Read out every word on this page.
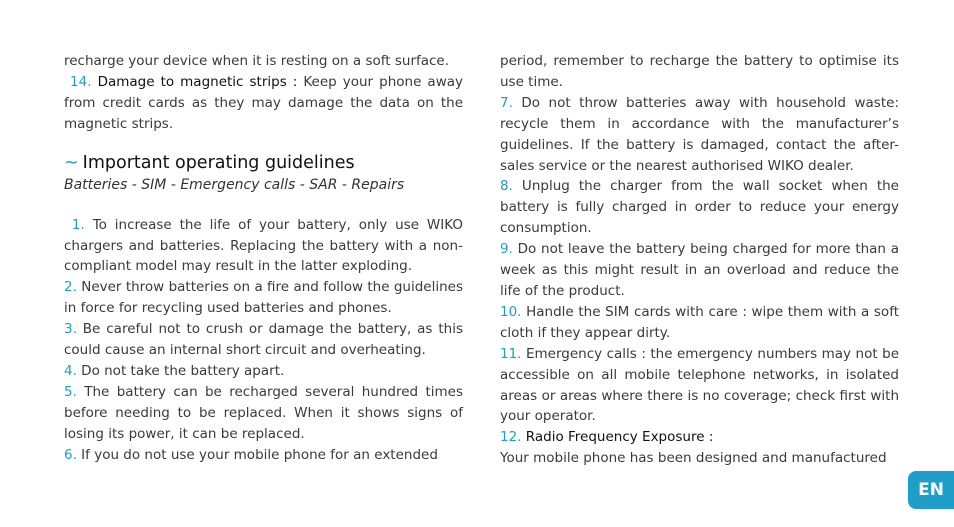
recharge your device when it is resting on a soft surface.

14. Damage to magnetic strips : Keep your phone away from credit cards as they may damage the data on the magnetic strips.

~ Important operating guidelines

Batteries - SIM - Emergency calls - SAR - Repairs

1. To increase the life of your battery, only use WIKO chargers and batteries. Replacing the battery with a non-compliant model may result in the latter exploding.

2. Never throw batteries on a fire and follow the guidelines in force for recycling used batteries and phones.

3. Be careful not to crush or damage the battery, as this could cause an internal short circuit and overheating.

4. Do not take the battery apart.

5. The battery can be recharged several hundred times before needing to be replaced. When it shows signs of losing its power, it can be replaced.

6. If you do not use your mobile phone for an extended

period, remember to recharge the battery to optimise its use time.

7. Do not throw batteries away with household waste: recycle them in accordance with the manufacturer’s guidelines. If the battery is damaged, contact the after-sales service or the nearest authorised WIKO dealer.

8. Unplug the charger from the wall socket when the battery is fully charged in order to reduce your energy consumption.

9. Do not leave the battery being charged for more than a week as this might result in an overload and reduce the life of the product.

10. Handle the SIM cards with care : wipe them with a soft cloth if they appear dirty.

11. Emergency calls : the emergency numbers may not be accessible on all mobile telephone networks, in isolated areas or areas where there is no coverage; check first with your operator.

12. Radio Frequency Exposure :

Your mobile phone has been designed and manufactured

EN
